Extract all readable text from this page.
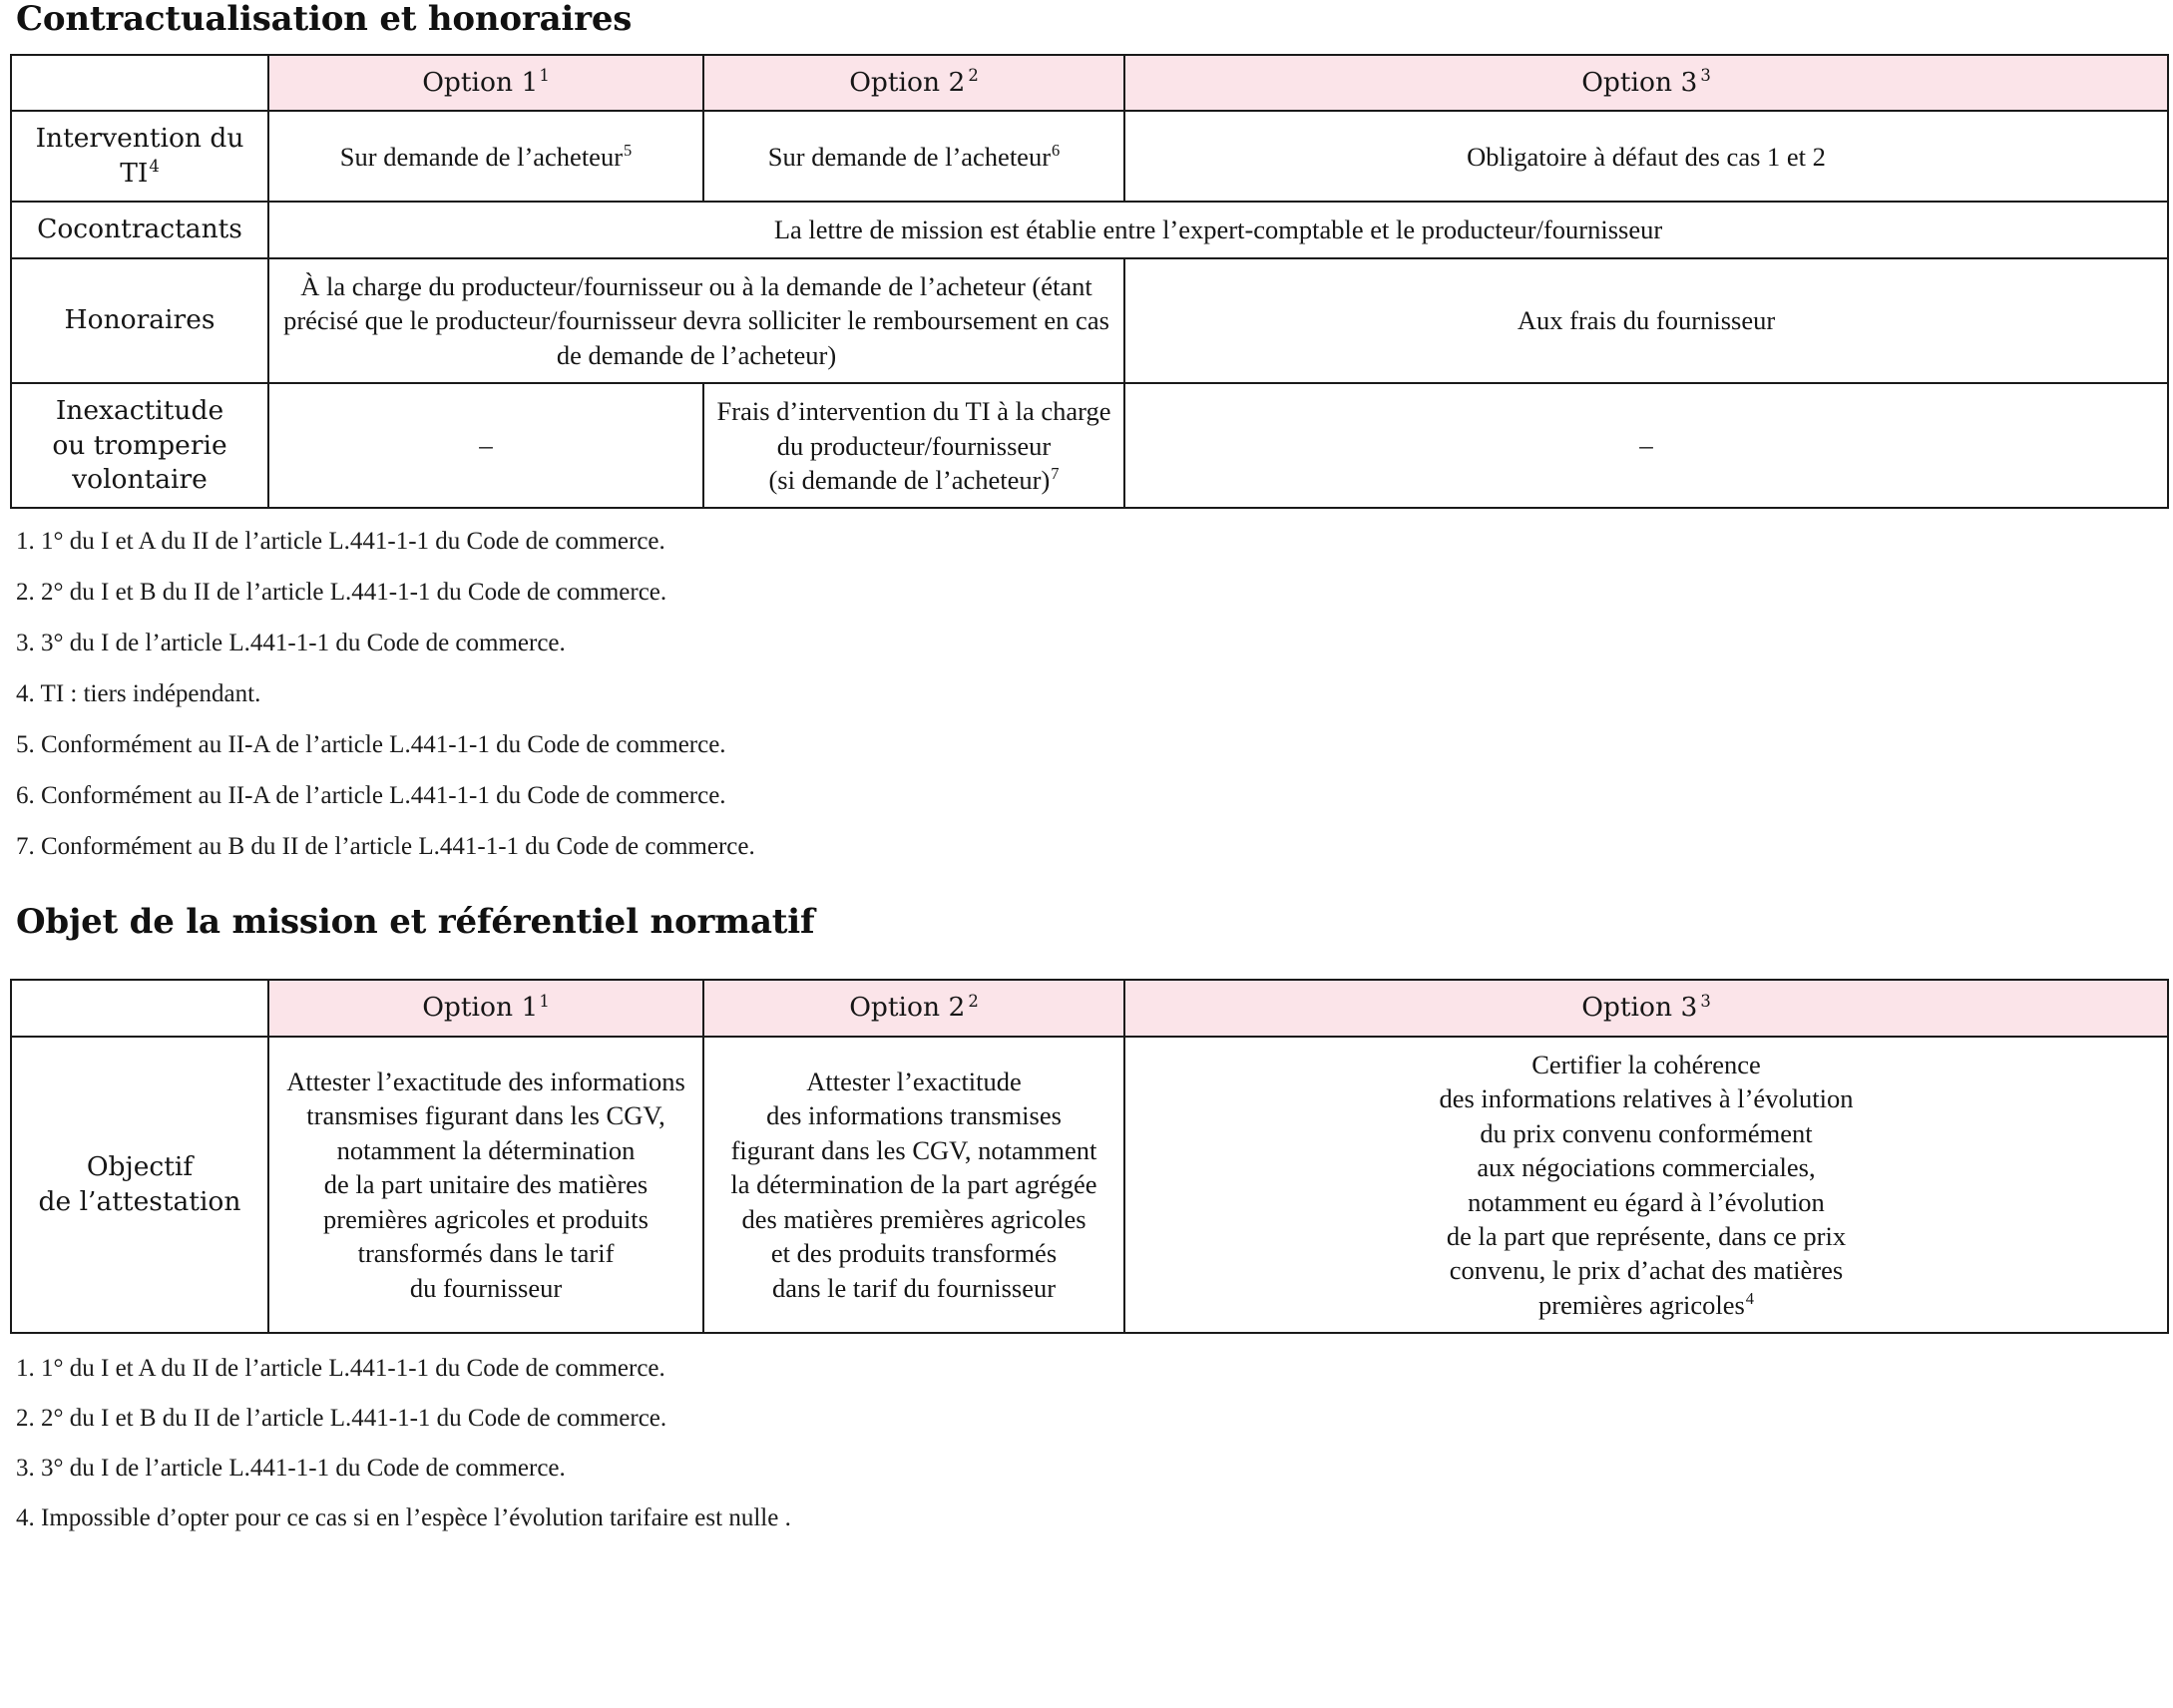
Contractualisation et honoraires
	Option $1^1$	Option 2 $^2$	Option 3 $^3$
Intervention du $TI^4$	Sur demande de l’acheteur$^5$	Sur demande de l’acheteur$^6$	Obligatoire à défaut des cas 1 et 2
Cocontractants	La lettre de mission est établie entre l’expert-comptable et le producteur/fournisseur		
Honoraires	À la charge du producteur/fournisseur ou à la demande de l’acheteur (étant précisé que le producteur/fournisseur devra solliciter le remboursement en cas de demande de l’acheteur)		Aux frais du fournisseur
Inexactitude
ou tromperie
volontaire	–	Frais d’intervention du TI à la charge
du producteur/fournisseur
(si demande de l’acheteur)$^7$	–

1. 1° du I et A du II de l’article L.441-1-1 du Code de commerce.

2. 2° du I et B du II de l’article L.441-1-1 du Code de commerce.

3. 3° du I de l’article L.441-1-1 du Code de commerce.

4. TI : tiers indépendant.

5. Conformément au II-A de l’article L.441-1-1 du Code de commerce.

6. Conformément au II-A de l’article L.441-1-1 du Code de commerce.

7. Conformément au B du II de l’article L.441-1-1 du Code de commerce.

Objet de la mission et référentiel normatif
	Option $1^1$	Option 2 $^2$	Option 3 $^3$
Objectif
de l’attestation	Attester l’exactitude des informations
transmises figurant dans les CGV,
notamment la détermination
de la part unitaire des matières
premières agricoles et produits
transformés dans le tarif
du fournisseur	Attester l’exactitude
des informations transmises
figurant dans les CGV, notamment
la détermination de la part agrégée
des matières premières agricoles
et des produits transformés
dans le tarif du fournisseur	Certifier la cohérence
des informations relatives à l’évolution
du prix convenu conformément
aux négociations commerciales,
notamment eu égard à l’évolution
de la part que représente, dans ce prix
convenu, le prix d’achat des matières
premières agricoles$^4$

1. 1° du I et A du II de l’article L.441-1-1 du Code de commerce.

2. 2° du I et B du II de l’article L.441-1-1 du Code de commerce.

3. 3° du I de l’article L.441-1-1 du Code de commerce.

4. Impossible d’opter pour ce cas si en l’espèce l’évolution tarifaire est nulle .
